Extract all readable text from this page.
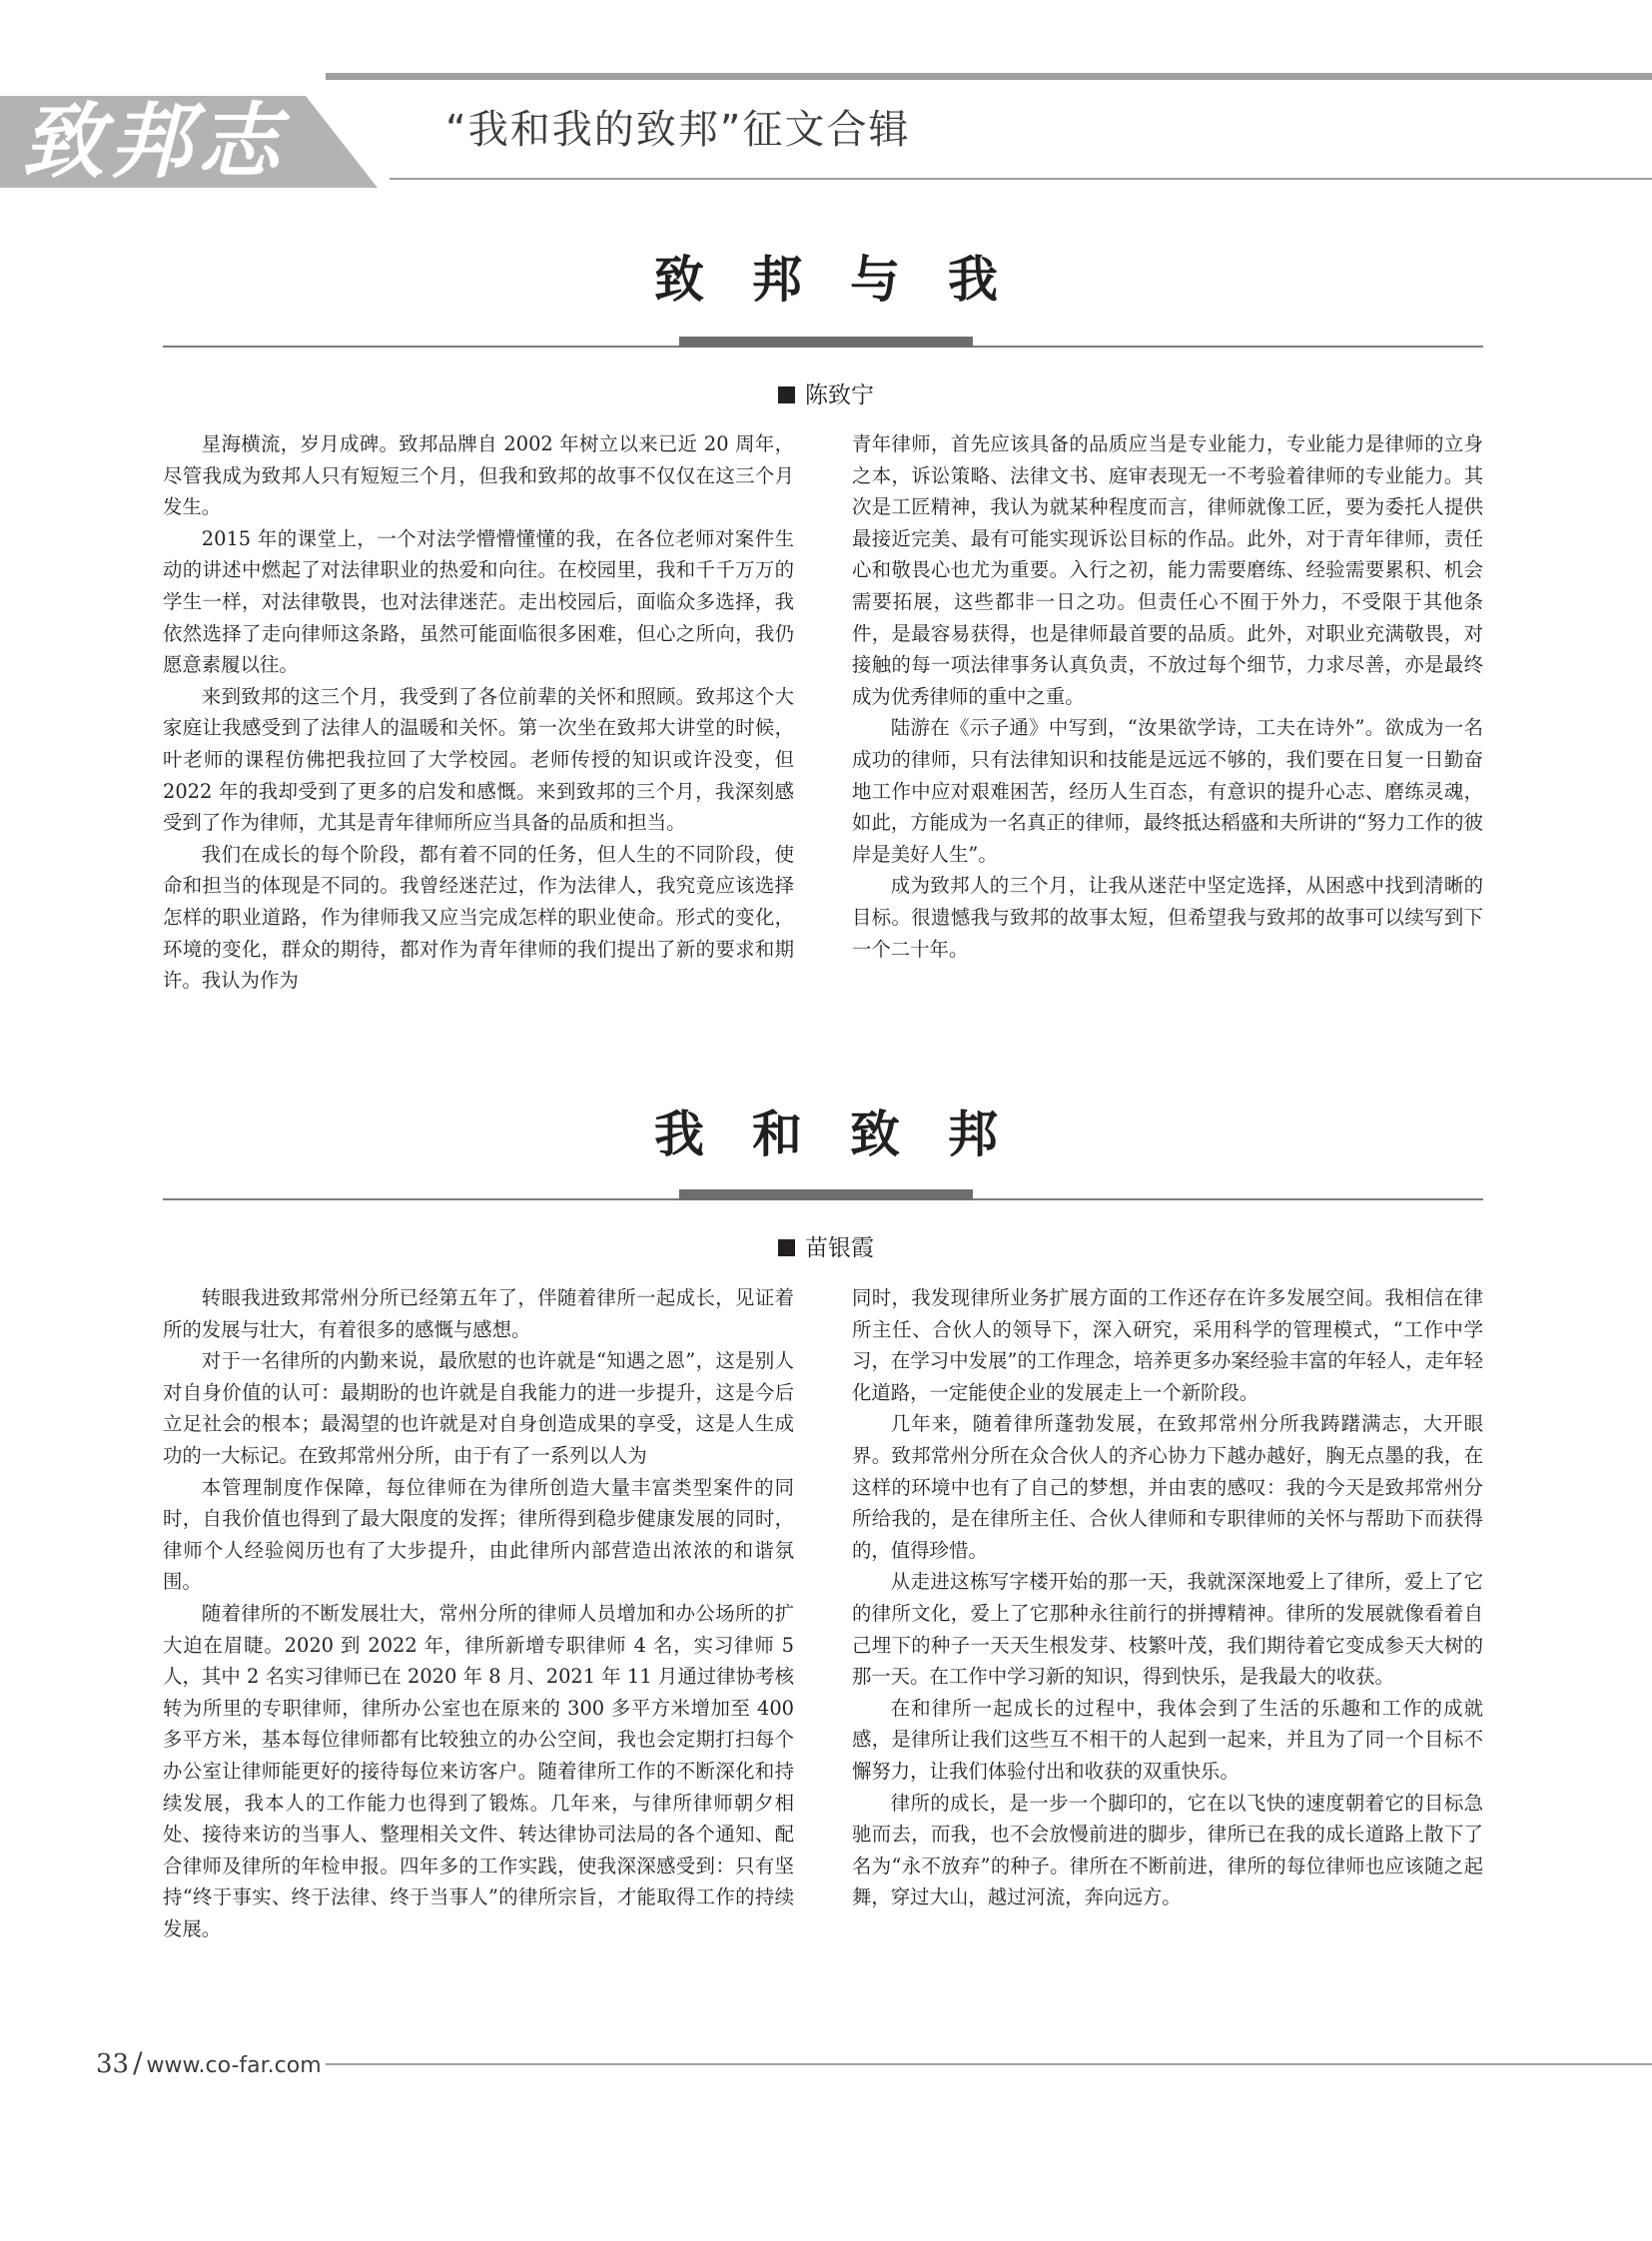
致邦志	“我和我的致邦”征文合辑
致邦与我
陈致宁

星海横流，岁月成碑。致邦品牌自 2002 年树立以来已近 20 周年，尽管我成为致邦人只有短短三个月，但我和致邦的故事不仅仅在这三个月发生。

2015 年的课堂上，一个对法学懵懵懂懂的我，在各位老师对案件生动的讲述中燃起了对法律职业的热爱和向往。在校园里，我和千千万万的学生一样，对法律敬畏，也对法律迷茫。走出校园后，面临众多选择，我依然选择了走向律师这条路，虽然可能面临很多困难，但心之所向，我仍愿意素履以往。

来到致邦的这三个月，我受到了各位前辈的关怀和照顾。致邦这个大家庭让我感受到了法律人的温暖和关怀。第一次坐在致邦大讲堂的时候，叶老师的课程仿佛把我拉回了大学校园。老师传授的知识或许没变，但 2022 年的我却受到了更多的启发和感慨。来到致邦的三个月，我深刻感受到了作为律师，尤其是青年律师所应当具备的品质和担当。

我们在成长的每个阶段，都有着不同的任务，但人生的不同阶段，使命和担当的体现是不同的。我曾经迷茫过，作为法律人，我究竟应该选择怎样的职业道路，作为律师我又应当完成怎样的职业使命。形式的变化，环境的变化，群众的期待，都对作为青年律师的我们提出了新的要求和期许。我认为作为

青年律师，首先应该具备的品质应当是专业能力，专业能力是律师的立身之本，诉讼策略、法律文书、庭审表现无一不考验着律师的专业能力。其次是工匠精神，我认为就某种程度而言，律师就像工匠，要为委托人提供最接近完美、最有可能实现诉讼目标的作品。此外，对于青年律师，责任心和敬畏心也尤为重要。入行之初，能力需要磨练、经验需要累积、机会需要拓展，这些都非一日之功。但责任心不囿于外力，不受限于其他条件，是最容易获得，也是律师最首要的品质。此外，对职业充满敬畏，对接触的每一项法律事务认真负责，不放过每个细节，力求尽善，亦是最终成为优秀律师的重中之重。

陆游在《示子通》中写到，“汝果欲学诗，工夫在诗外”。欲成为一名成功的律师，只有法律知识和技能是远远不够的，我们要在日复一日勤奋地工作中应对艰难困苦，经历人生百态，有意识的提升心志、磨练灵魂，如此，方能成为一名真正的律师，最终抵达稻盛和夫所讲的“努力工作的彼岸是美好人生”。

成为致邦人的三个月，让我从迷茫中坚定选择，从困惑中找到清晰的目标。很遗憾我与致邦的故事太短，但希望我与致邦的故事可以续写到下一个二十年。

我和致邦
苗银霞

转眼我进致邦常州分所已经第五年了，伴随着律所一起成长，见证着所的发展与壮大，有着很多的感慨与感想。

对于一名律所的内勤来说，最欣慰的也许就是“知遇之恩”，这是别人对自身价值的认可：最期盼的也许就是自我能力的进一步提升，这是今后立足社会的根本；最渴望的也许就是对自身创造成果的享受，这是人生成功的一大标记。在致邦常州分所，由于有了一系列以人为

本管理制度作保障，每位律师在为律所创造大量丰富类型案件的同时，自我价值也得到了最大限度的发挥；律所得到稳步健康发展的同时，律师个人经验阅历也有了大步提升，由此律所内部营造出浓浓的和谐氛围。

随着律所的不断发展壮大，常州分所的律师人员增加和办公场所的扩大迫在眉睫。2020 到 2022 年，律所新增专职律师 4 名，实习律师 5 人，其中 2 名实习律师已在 2020 年 8 月、2021 年 11 月通过律协考核转为所里的专职律师，律所办公室也在原来的 300 多平方米增加至 400 多平方米，基本每位律师都有比较独立的办公空间，我也会定期打扫每个办公室让律师能更好的接待每位来访客户。随着律所工作的不断深化和持续发展，我本人的工作能力也得到了锻炼。几年来，与律所律师朝夕相处、接待来访的当事人、整理相关文件、转达律协司法局的各个通知、配合律师及律所的年检申报。四年多的工作实践，使我深深感受到：只有坚持“终于事实、终于法律、终于当事人”的律所宗旨，才能取得工作的持续发展。

同时，我发现律所业务扩展方面的工作还存在许多发展空间。我相信在律所主任、合伙人的领导下，深入研究，采用科学的管理模式，“工作中学习，在学习中发展”的工作理念，培养更多办案经验丰富的年轻人，走年轻化道路，一定能使企业的发展走上一个新阶段。

几年来，随着律所蓬勃发展，在致邦常州分所我踌躇满志，大开眼界。致邦常州分所在众合伙人的齐心协力下越办越好，胸无点墨的我，在这样的环境中也有了自己的梦想，并由衷的感叹：我的今天是致邦常州分所给我的，是在律所主任、合伙人律师和专职律师的关怀与帮助下而获得的，值得珍惜。

从走进这栋写字楼开始的那一天，我就深深地爱上了律所，爱上了它的律所文化，爱上了它那种永往前行的拼搏精神。律所的发展就像看着自己埋下的种子一天天生根发芽、枝繁叶茂，我们期待着它变成参天大树的那一天。在工作中学习新的知识，得到快乐，是我最大的收获。

在和律所一起成长的过程中，我体会到了生活的乐趣和工作的成就感，是律所让我们这些互不相干的人起到一起来，并且为了同一个目标不懈努力，让我们体验付出和收获的双重快乐。

律所的成长，是一步一个脚印的，它在以飞快的速度朝着它的目标急驰而去，而我，也不会放慢前进的脚步，律所已在我的成长道路上散下了名为“永不放弃”的种子。律所在不断前进，律所的每位律师也应该随之起舞，穿过大山，越过河流，奔向远方。

33 / www.co-far.com
